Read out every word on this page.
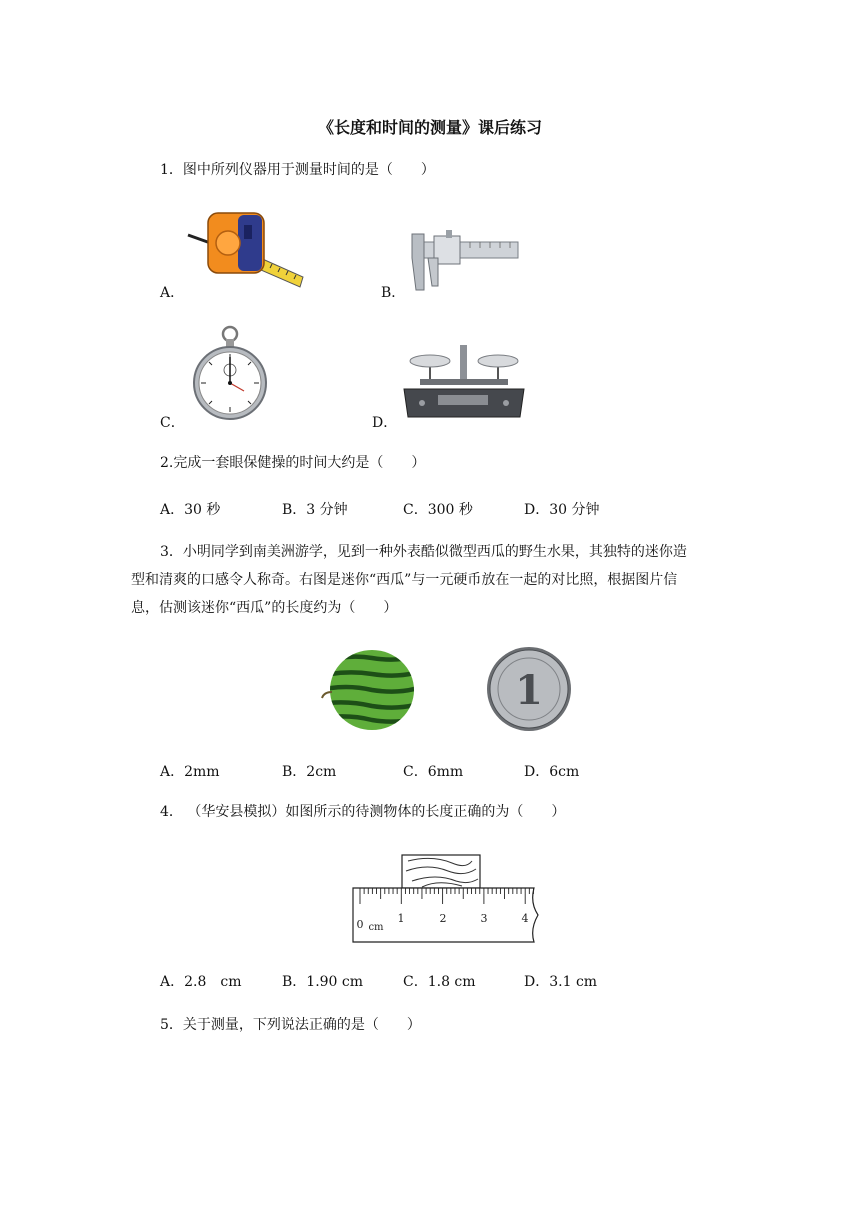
《长度和时间的测量》课后练习
1．图中所列仪器用于测量时间的是（　　）
A．	B．
C．	D．
2.完成一套眼保健操的时间大约是（　　）
A．30 秒	B．3 分钟	C．300 秒	D．30 分钟
3．小明同学到南美洲游学，见到一种外表酷似微型西瓜的野生水果，其独特的迷你造
型和清爽的口感令人称奇。右图是迷你“西瓜”与一元硬币放在一起的对比照，根据图片信
息，估测该迷你“西瓜”的长度约为（　　）
1
A．2mm	B．2cm	C．6mm	D．6cm
4． （华安县模拟）如图所示的待测物体的长度正确的为（　　）
0	1	2	3	4
cm
A．2.8　cm	B．1.90 cm	C．1.8 cm	D．3.1 cm
5．关于测量，下列说法正确的是（　　）
